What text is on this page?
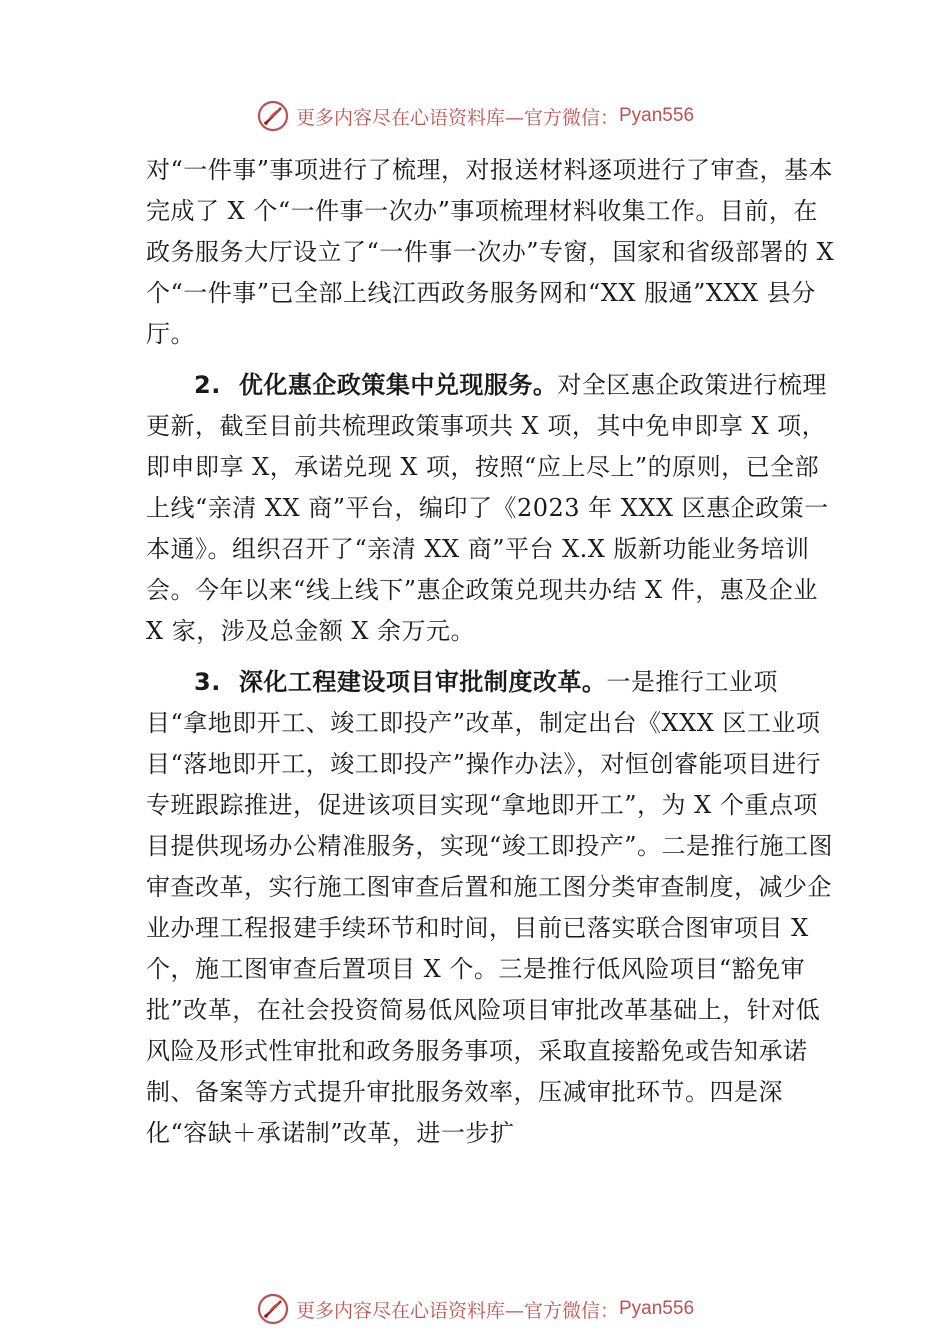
更多内容尽在心语资料库—官方微信： Pyan556

对“一件事”事项进行了梳理，对报送材料逐项进行了审查，基本完成了 X 个“一件事一次办”事项梳理材料收集工作。目前，在政务服务大厅设立了“一件事一次办”专窗，国家和省级部署的 X 个“一件事”已全部上线江西政务服务网和“XX 服通”XXX 县分厅。

2. 优化惠企政策集中兑现服务。对全区惠企政策进行梳理更新，截至目前共梳理政策事项共 X 项，其中免申即享 X 项，即申即享 X，承诺兑现 X 项，按照“应上尽上”的原则，已全部上线“亲清 XX 商”平台，编印了《2023 年 XXX 区惠企政策一本通》。组织召开了“亲清 XX 商”平台 X.X 版新功能业务培训会。今年以来“线上线下”惠企政策兑现共办结 X 件，惠及企业 X 家，涉及总金额 X 余万元。

3. 深化工程建设项目审批制度改革。一是推行工业项目“拿地即开工、竣工即投产”改革，制定出台《XXX 区工业项目“落地即开工，竣工即投产”操作办法》，对恒创睿能项目进行专班跟踪推进，促进该项目实现“拿地即开工”，为 X 个重点项目提供现场办公精准服务，实现“竣工即投产”。二是推行施工图审查改革，实行施工图审查后置和施工图分类审查制度，减少企业办理工程报建手续环节和时间，目前已落实联合图审项目 X 个，施工图审查后置项目 X 个。三是推行低风险项目“豁免审批”改革，在社会投资简易低风险项目审批改革基础上，针对低风险及形式性审批和政务服务事项，采取直接豁免或告知承诺制、备案等方式提升审批服务效率，压减审批环节。四是深化“容缺＋承诺制”改革，进一步扩

更多内容尽在心语资料库—官方微信： Pyan556
